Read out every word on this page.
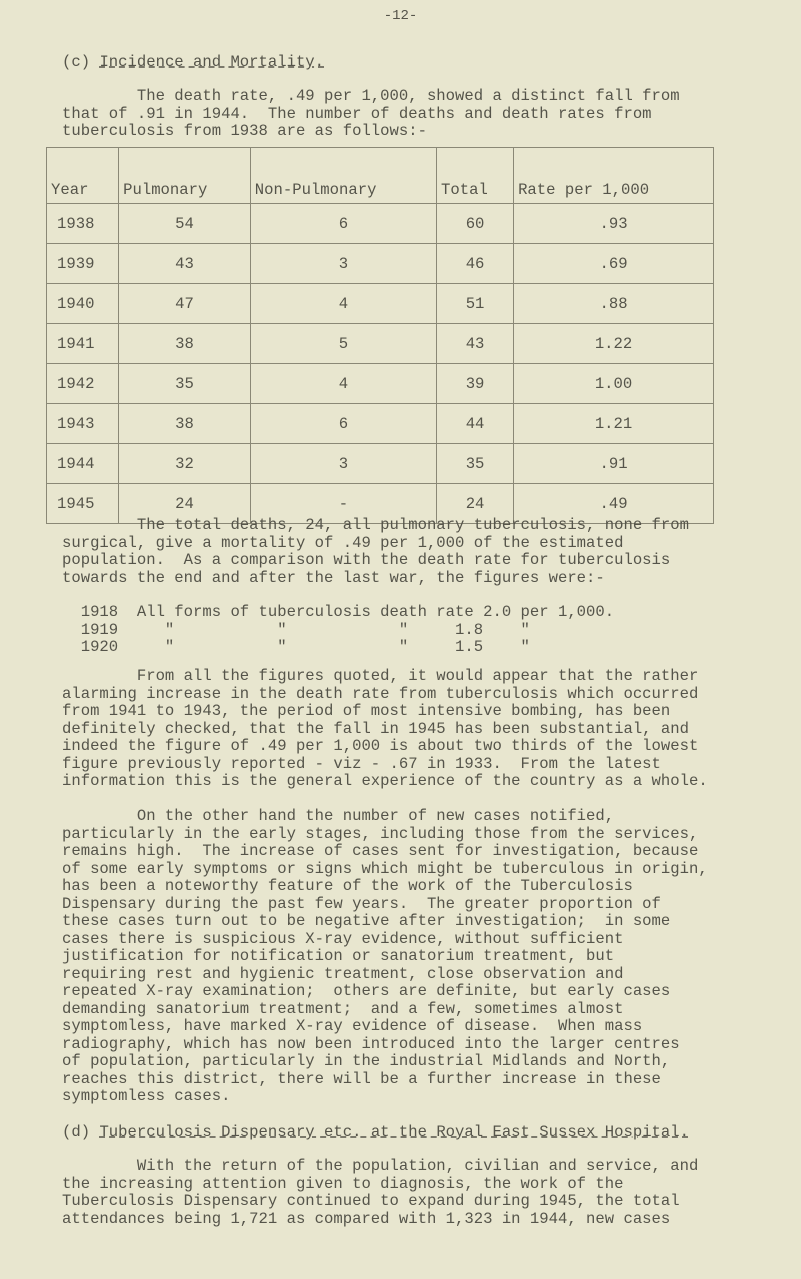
-12-
(c) Incidence and Mortality.
The death rate, .49 per 1,000, showed a distinct fall from
that of .91 in 1944.  The number of deaths and death rates from
tuberculosis from 1938 are as follows:-
Year	Pulmonary	Non-Pulmonary	Total	Rate per 1,000
1938	54	6	60	.93
1939	43	3	46	.69
1940	47	4	51	.88
1941	38	5	43	1.22
1942	35	4	39	1.00
1943	38	6	44	1.21
1944	32	3	35	.91
1945	24	-	24	.49
The total deaths, 24, all pulmonary tuberculosis, none from
surgical, give a mortality of .49 per 1,000 of the estimated
population.  As a comparison with the death rate for tuberculosis
towards the end and after the last war, the figures were:-
1918  All forms of tuberculosis death rate 2.0 per 1,000.
1919     "           "            "     1.8    "
1920     "           "            "     1.5    "
From all the figures quoted, it would appear that the rather
alarming increase in the death rate from tuberculosis which occurred
from 1941 to 1943, the period of most intensive bombing, has been
definitely checked, that the fall in 1945 has been substantial, and
indeed the figure of .49 per 1,000 is about two thirds of the lowest
figure previously reported - viz - .67 in 1933.  From the latest
information this is the general experience of the country as a whole.
On the other hand the number of new cases notified,
particularly in the early stages, including those from the services,
remains high.  The increase of cases sent for investigation, because
of some early symptoms or signs which might be tuberculous in origin,
has been a noteworthy feature of the work of the Tuberculosis
Dispensary during the past few years.  The greater proportion of
these cases turn out to be negative after investigation;  in some
cases there is suspicious X-ray evidence, without sufficient
justification for notification or sanatorium treatment, but
requiring rest and hygienic treatment, close observation and
repeated X-ray examination;  others are definite, but early cases
demanding sanatorium treatment;  and a few, sometimes almost
symptomless, have marked X-ray evidence of disease.  When mass
radiography, which has now been introduced into the larger centres
of population, particularly in the industrial Midlands and North,
reaches this district, there will be a further increase in these
symptomless cases.
(d) Tuberculosis Dispensary etc. at the Royal East Sussex Hospital.
With the return of the population, civilian and service, and
the increasing attention given to diagnosis, the work of the
Tuberculosis Dispensary continued to expand during 1945, the total
attendances being 1,721 as compared with 1,323 in 1944, new cases
